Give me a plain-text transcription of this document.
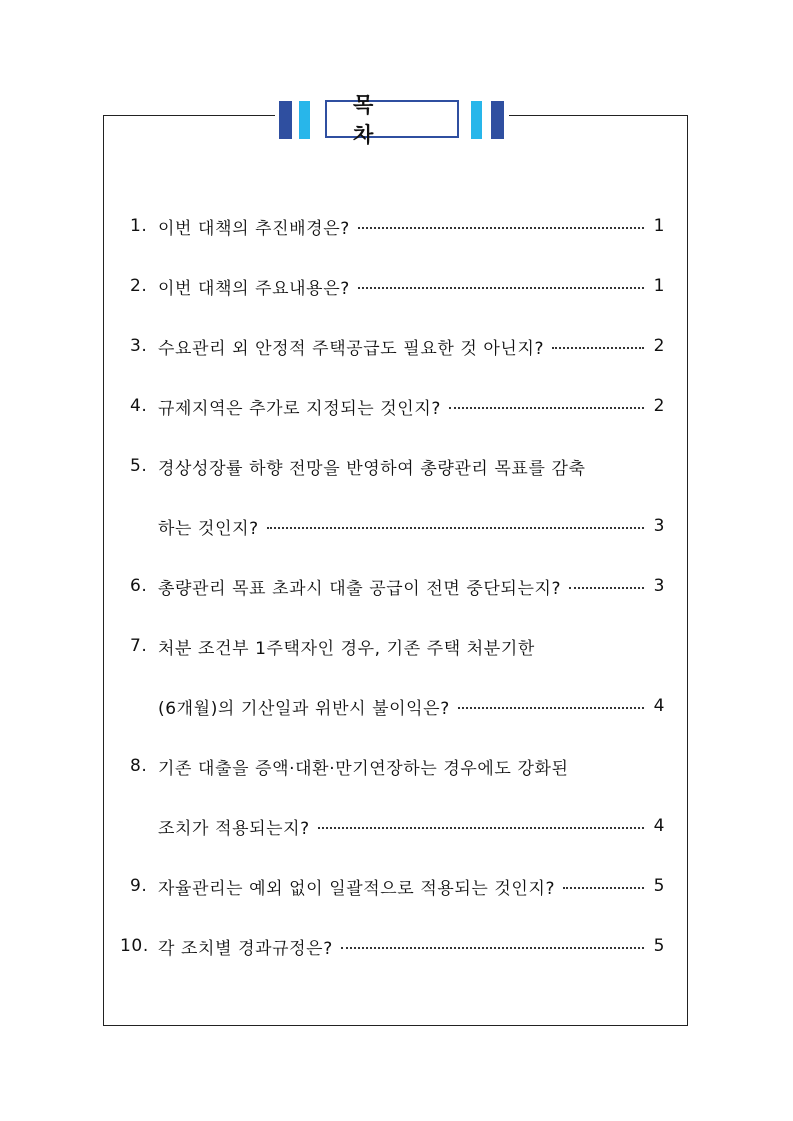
목 차
1. 이번 대책의 추진배경은?	1
2. 이번 대책의 주요내용은?	1
3. 수요관리 외 안정적 주택공급도 필요한 것 아닌지?	2
4. 규제지역은 추가로 지정되는 것인지?	2
5. 경상성장률 하향 전망을 반영하여 총량관리 목표를 감축
하는 것인지?	3
6. 총량관리 목표 초과시 대출 공급이 전면 중단되는지?	3
7. 처분 조건부 1주택자인 경우, 기존 주택 처분기한
(6개월)의 기산일과 위반시 불이익은?	4
8. 기존 대출을 증액·대환·만기연장하는 경우에도 강화된
조치가 적용되는지?	4
9. 자율관리는 예외 없이 일괄적으로 적용되는 것인지?	5
10. 각 조치별 경과규정은?	5
